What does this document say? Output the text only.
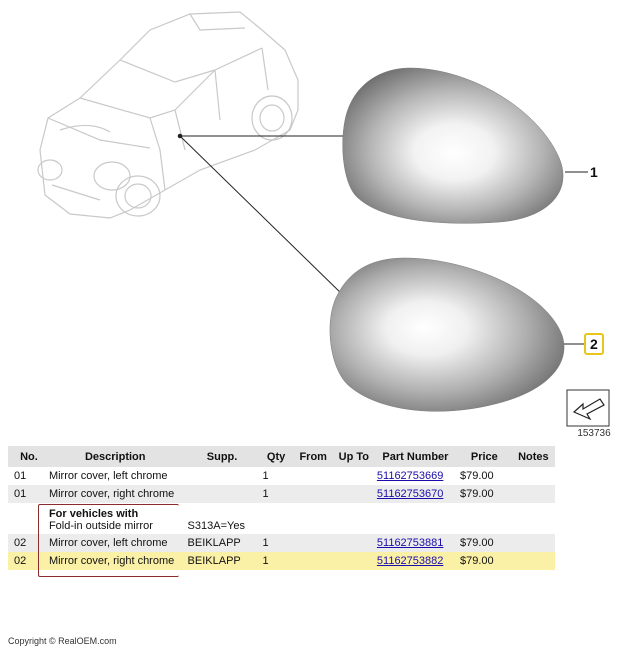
1
2
153736
No.	Description	Supp.	Qty	From	Up To	Part Number	Price	Notes
01	Mirror cover, left chrome		1			51162753669	$79.00	
01	Mirror cover, right chrome		1			51162753670	$79.00	

	For vehicles with
Fold-in outside mirror	S313A=Yes						
02	Mirror cover, left chrome	BEIKLAPP	1			51162753881	$79.00	
02	Mirror cover, right chrome	BEIKLAPP	1			51162753882	$79.00	
Copyright © RealOEM.com
